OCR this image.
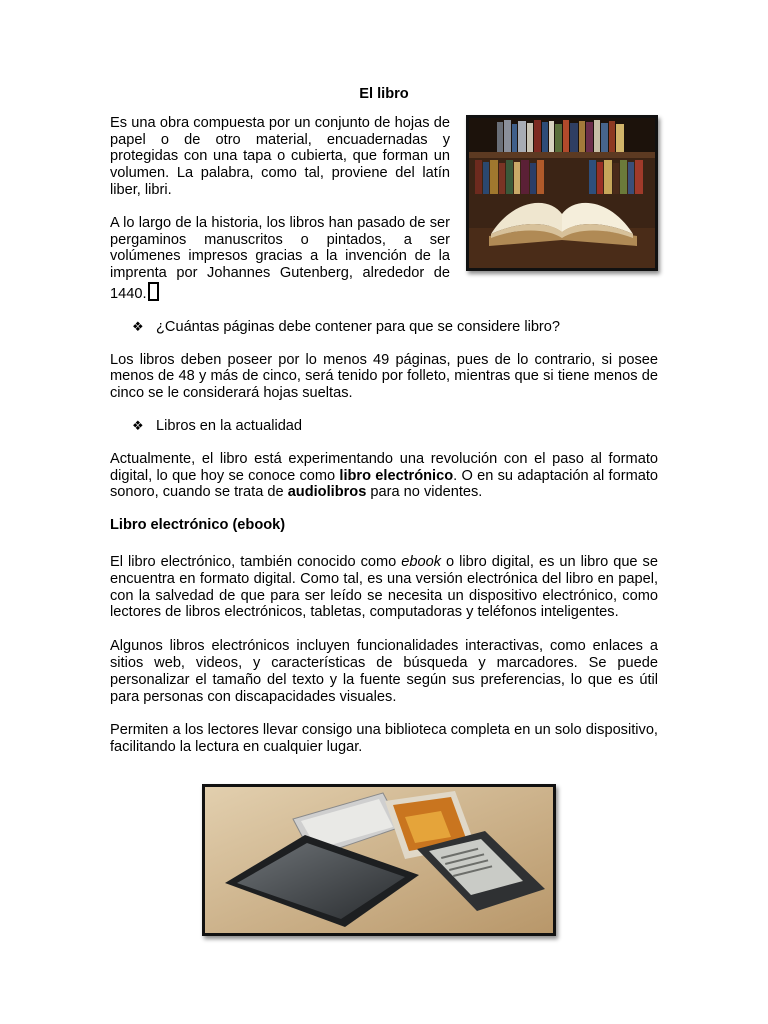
El libro

Es una obra compuesta por un conjunto de hojas de papel o de otro material, encuadernadas y protegidas con una tapa o cubierta, que forman un volumen. La palabra, como tal, proviene del latín liber, libri.

A lo largo de la historia, los libros han pasado de ser pergaminos manuscritos o pintados, a ser volúmenes impresos gracias a la invención de la imprenta por Johannes Gutenberg, alrededor de 1440.

❖ ¿Cuántas páginas debe contener para que se considere libro?

Los libros deben poseer por lo menos 49 páginas, pues de lo contrario, si posee menos de 48 y más de cinco, será tenido por folleto, mientras que si tiene menos de cinco se le considerará hojas sueltas.

❖ Libros en la actualidad

Actualmente, el libro está experimentando una revolución con el paso al formato digital, lo que hoy se conoce como libro electrónico. O en su adaptación al formato sonoro, cuando se trata de audiolibros para no videntes.

Libro electrónico (ebook)

El libro electrónico, también conocido como ebook o libro digital, es un libro que se encuentra en formato digital. Como tal, es una versión electrónica del libro en papel, con la salvedad de que para ser leído se necesita un dispositivo electrónico, como lectores de libros electrónicos, tabletas, computadoras y teléfonos inteligentes.

Algunos libros electrónicos incluyen funcionalidades interactivas, como enlaces a sitios web, videos, y características de búsqueda y marcadores. Se puede personalizar el tamaño del texto y la fuente según sus preferencias, lo que es útil para personas con discapacidades visuales.

Permiten a los lectores llevar consigo una biblioteca completa en un solo dispositivo, facilitando la lectura en cualquier lugar.
